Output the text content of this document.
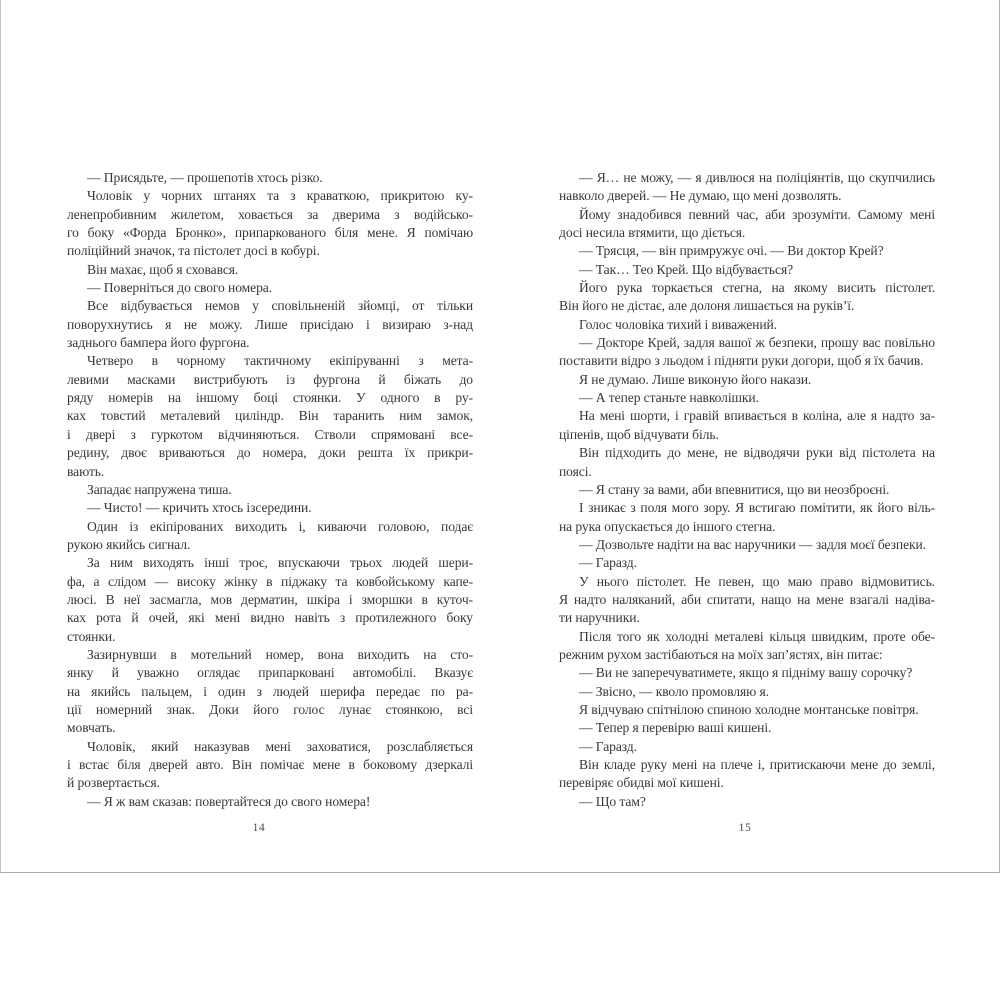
— Присядьте, — прошепотів хтось різко.
Чоловік у чорних штанях та з краваткою, прикритою ку-
ленепробивним жилетом, ховається за дверима з водійсько-
го боку «Форда Бронко», припаркованого біля мене. Я помічаю
поліційний значок, та пістолет досі в кобурі.
Він махає, щоб я сховався.
— Поверніться до свого номера.
Все відбувається немов у сповільненій зйомці, от тільки
поворухнутись я не можу. Лише присідаю і визираю з-над
заднього бампера його фургона.
Четверо в чорному тактичному екіпіруванні з мета-
левими масками вистрибують із фургона й біжать до
ряду номерів на іншому боці стоянки. У одного в ру-
ках товстий металевий циліндр. Він таранить ним замок,
і двері з гуркотом відчиняються. Стволи спрямовані все-
редину, двоє вриваються до номера, доки решта їх прикри-
вають.
Западає напружена тиша.
— Чисто! — кричить хтось ізсередини.
Один із екіпірованих виходить і, киваючи головою, подає
рукою якийсь сигнал.
За ним виходять інші троє, впускаючи трьох людей шери-
фа, а слідом — високу жінку в піджаку та ковбойському капе-
люсі. В неї засмагла, мов дерматин, шкіра і зморшки в куточ-
ках рота й очей, які мені видно навіть з протилежного боку
стоянки.
Зазирнувши в мотельний номер, вона виходить на сто-
янку й уважно оглядає припарковані автомобілі. Вказує
на якийсь пальцем, і один з людей шерифа передає по ра-
ції номерний знак. Доки його голос лунає стоянкою, всі
мовчать.
Чоловік, який наказував мені заховатися, розслабляється
і встає біля дверей авто. Він помічає мене в боковому дзеркалі
й розвертається.
— Я ж вам сказав: повертайтеся до свого номера!
— Я… не можу, — я дивлюся на поліціянтів, що скупчились
навколо дверей. — Не думаю, що мені дозволять.
Йому знадобився певний час, аби зрозуміти. Самому мені
досі несила втямити, що діється.
— Трясця, — він примружує очі. — Ви доктор Крей?
— Так… Тео Крей. Що відбувається?
Його рука торкається стегна, на якому висить пістолет.
Він його не дістає, але долоня лишається на руків’ї.
Голос чоловіка тихий і виважений.
— Докторе Крей, задля вашої ж безпеки, прошу вас повільно
поставити відро з льодом і підняти руки догори, щоб я їх бачив.
Я не думаю. Лише виконую його накази.
— А тепер станьте навколішки.
На мені шорти, і гравій впивається в коліна, але я надто за-
ціпенів, щоб відчувати біль.
Він підходить до мене, не відводячи руки від пістолета на
поясі.
— Я стану за вами, аби впевнитися, що ви неозброєні.
І зникає з поля мого зору. Я встигаю помітити, як його віль-
на рука опускається до іншого стегна.
— Дозвольте надіти на вас наручники — задля моєї безпеки.
— Гаразд.
У нього пістолет. Не певен, що маю право відмовитись.
Я надто наляканий, аби спитати, нащо на мене взагалі надіва-
ти наручники.
Після того як холодні металеві кільця швидким, проте обе-
режним рухом застібаються на моїх зап’ястях, він питає:
— Ви не заперечуватимете, якщо я підніму вашу сорочку?
— Звісно, — кволо промовляю я.
Я відчуваю спітнілою спиною холодне монтанське повітря.
— Тепер я перевірю ваші кишені.
— Гаразд.
Він кладе руку мені на плече і, притискаючи мене до землі,
перевіряє обидві мої кишені.
— Що там?
14	15
